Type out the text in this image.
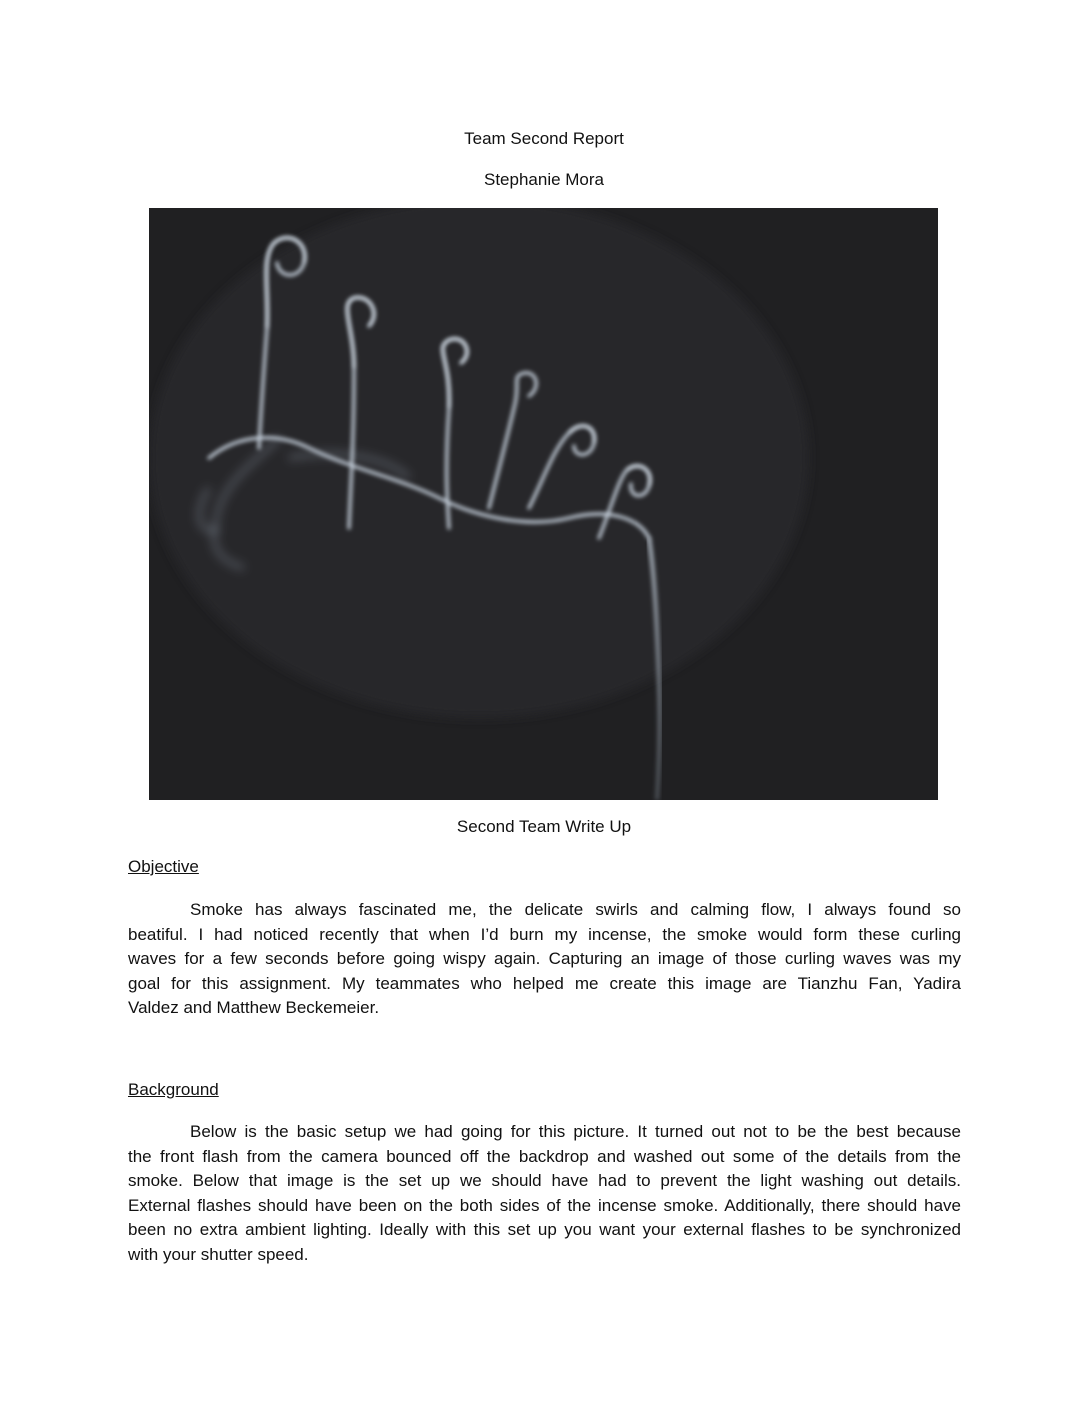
Team Second Report
Stephanie Mora
Second Team Write Up
Objective
Smoke has always fascinated me, the delicate swirls and calming flow, I always found so
beatiful. I had noticed recently that when I’d burn my incense, the smoke would form these curling
waves for a few seconds before going wispy again. Capturing an image of those curling waves was my
goal for this assignment. My teammates who helped me create this image are Tianzhu Fan, Yadira
Valdez and Matthew Beckemeier.
Background
Below is the basic setup we had going for this picture. It turned out not to be the best because
the front flash from the camera bounced off the backdrop and washed out some of the details from the
smoke. Below that image is the set up we should have had to prevent the light washing out details.
External flashes should have been on the both sides of the incense smoke. Additionally, there should have
been no extra ambient lighting. Ideally with this set up you want your external flashes to be synchronized
with your shutter speed.
